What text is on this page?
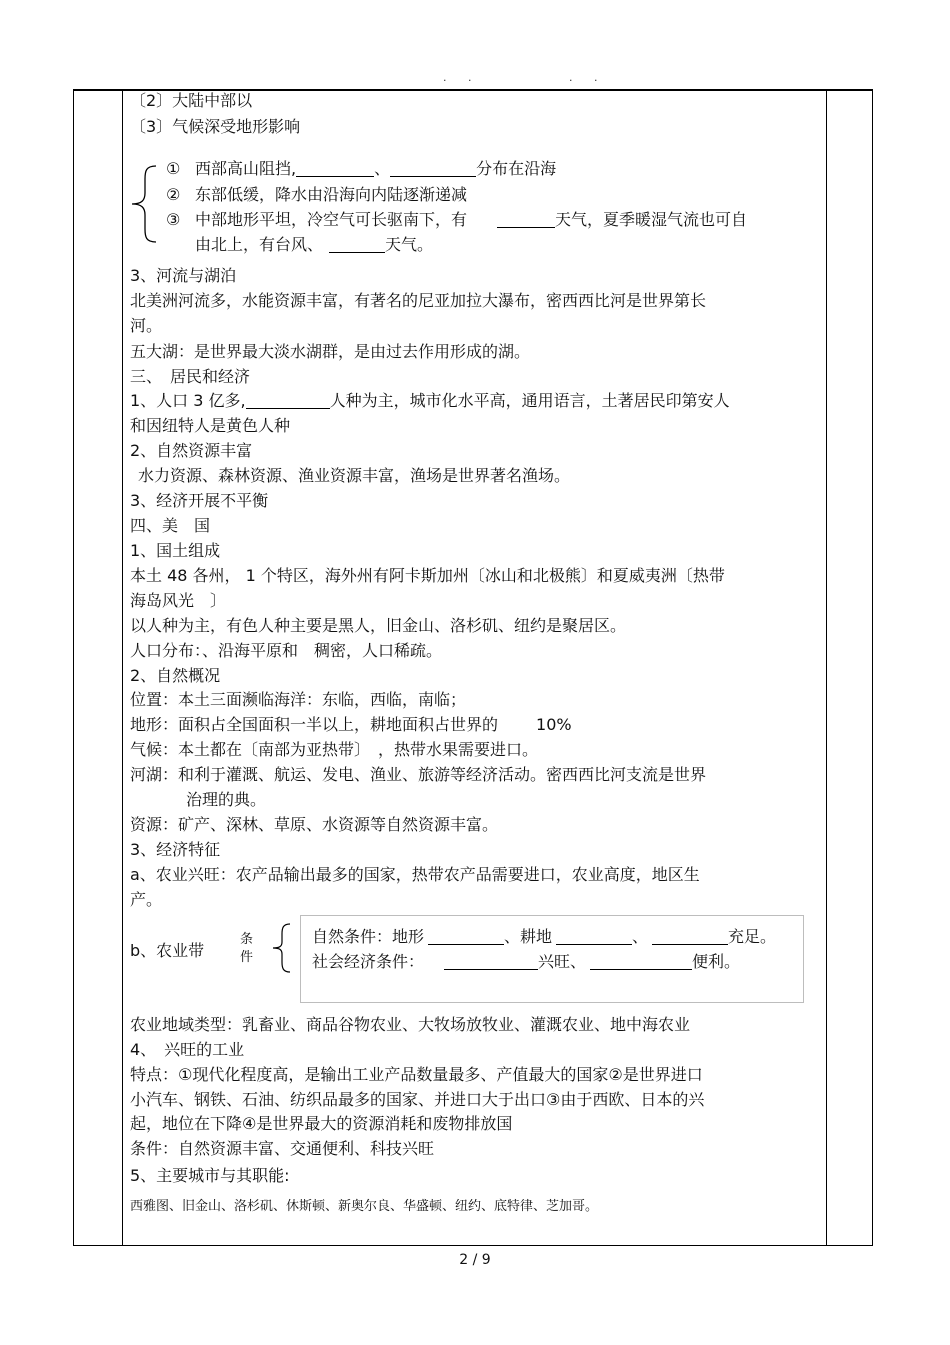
. .	. .
〔2〕大陆中部以
〔3〕气候深受地形影响
① 西部高山阻挡,	、	分布在沿海
② 东部低缓，降水由沿海向内陆逐渐递减
③ 中部地形平坦，冷空气可长驱南下，有	天气，夏季暖湿气流也可自
由北上，有台风、	天气。
3、河流与湖泊
北美洲河流多，水能资源丰富，有著名的尼亚加拉大瀑布，密西西比河是世界第长
河。
五大湖：是世界最大淡水湖群，是由过去作用形成的湖。
三、　居民和经济
1、人口 3 亿多,	人种为主，城市化水平高，通用语言，土著居民印第安人
和因纽特人是黄色人种
2、自然资源丰富
水力资源、森林资源、渔业资源丰富，渔场是世界著名渔场。
3、经济开展不平衡
四、美　国
1、国土组成
本土 48 各州， 1 个特区，海外州有阿卡斯加州〔冰山和北极熊〕和夏威夷洲〔热带
海岛风光　〕
以人种为主，有色人种主要是黑人，旧金山、洛杉矶、纽约是聚居区。
人口分布：、沿海平原和　稠密，人口稀疏。
2、自然概况
位置：本土三面濒临海洋：东临，西临，南临；
地形：面积占全国面积一半以上，耕地面积占世界的 10%
气候：本土都在〔南部为亚热带〕　，热带水果需要进口。
河湖：和利于灌溉、航运、发电、渔业、旅游等经济活动。密西西比河支流是世界
治理的典。
资源：矿产、深林、草原、水资源等自然资源丰富。
3、经济特征
a、农业兴旺：农产品输出最多的国家，热带农产品需要进口，农业高度，地区生
产。
b、农业带
条
件
自然条件：地形	、耕地	、	充足。
社会经济条件：	兴旺、	便利。
农业地域类型：乳畜业、商品谷物农业、大牧场放牧业、灌溉农业、地中海农业
4、　兴旺的工业
特点：①现代化程度高，是输出工业产品数量最多、产值最大的国家②是世界进口
小汽车、钢铁、石油、纺织品最多的国家、并进口大于出口③由于西欧、日本的兴
起，地位在下降④是世界最大的资源消耗和废物排放国
条件：自然资源丰富、交通便利、科技兴旺
5、主要城市与其职能:
西雅图、旧金山、洛杉矶、休斯顿、新奥尔良、华盛顿、纽约、底特律、芝加哥。
2 / 9
